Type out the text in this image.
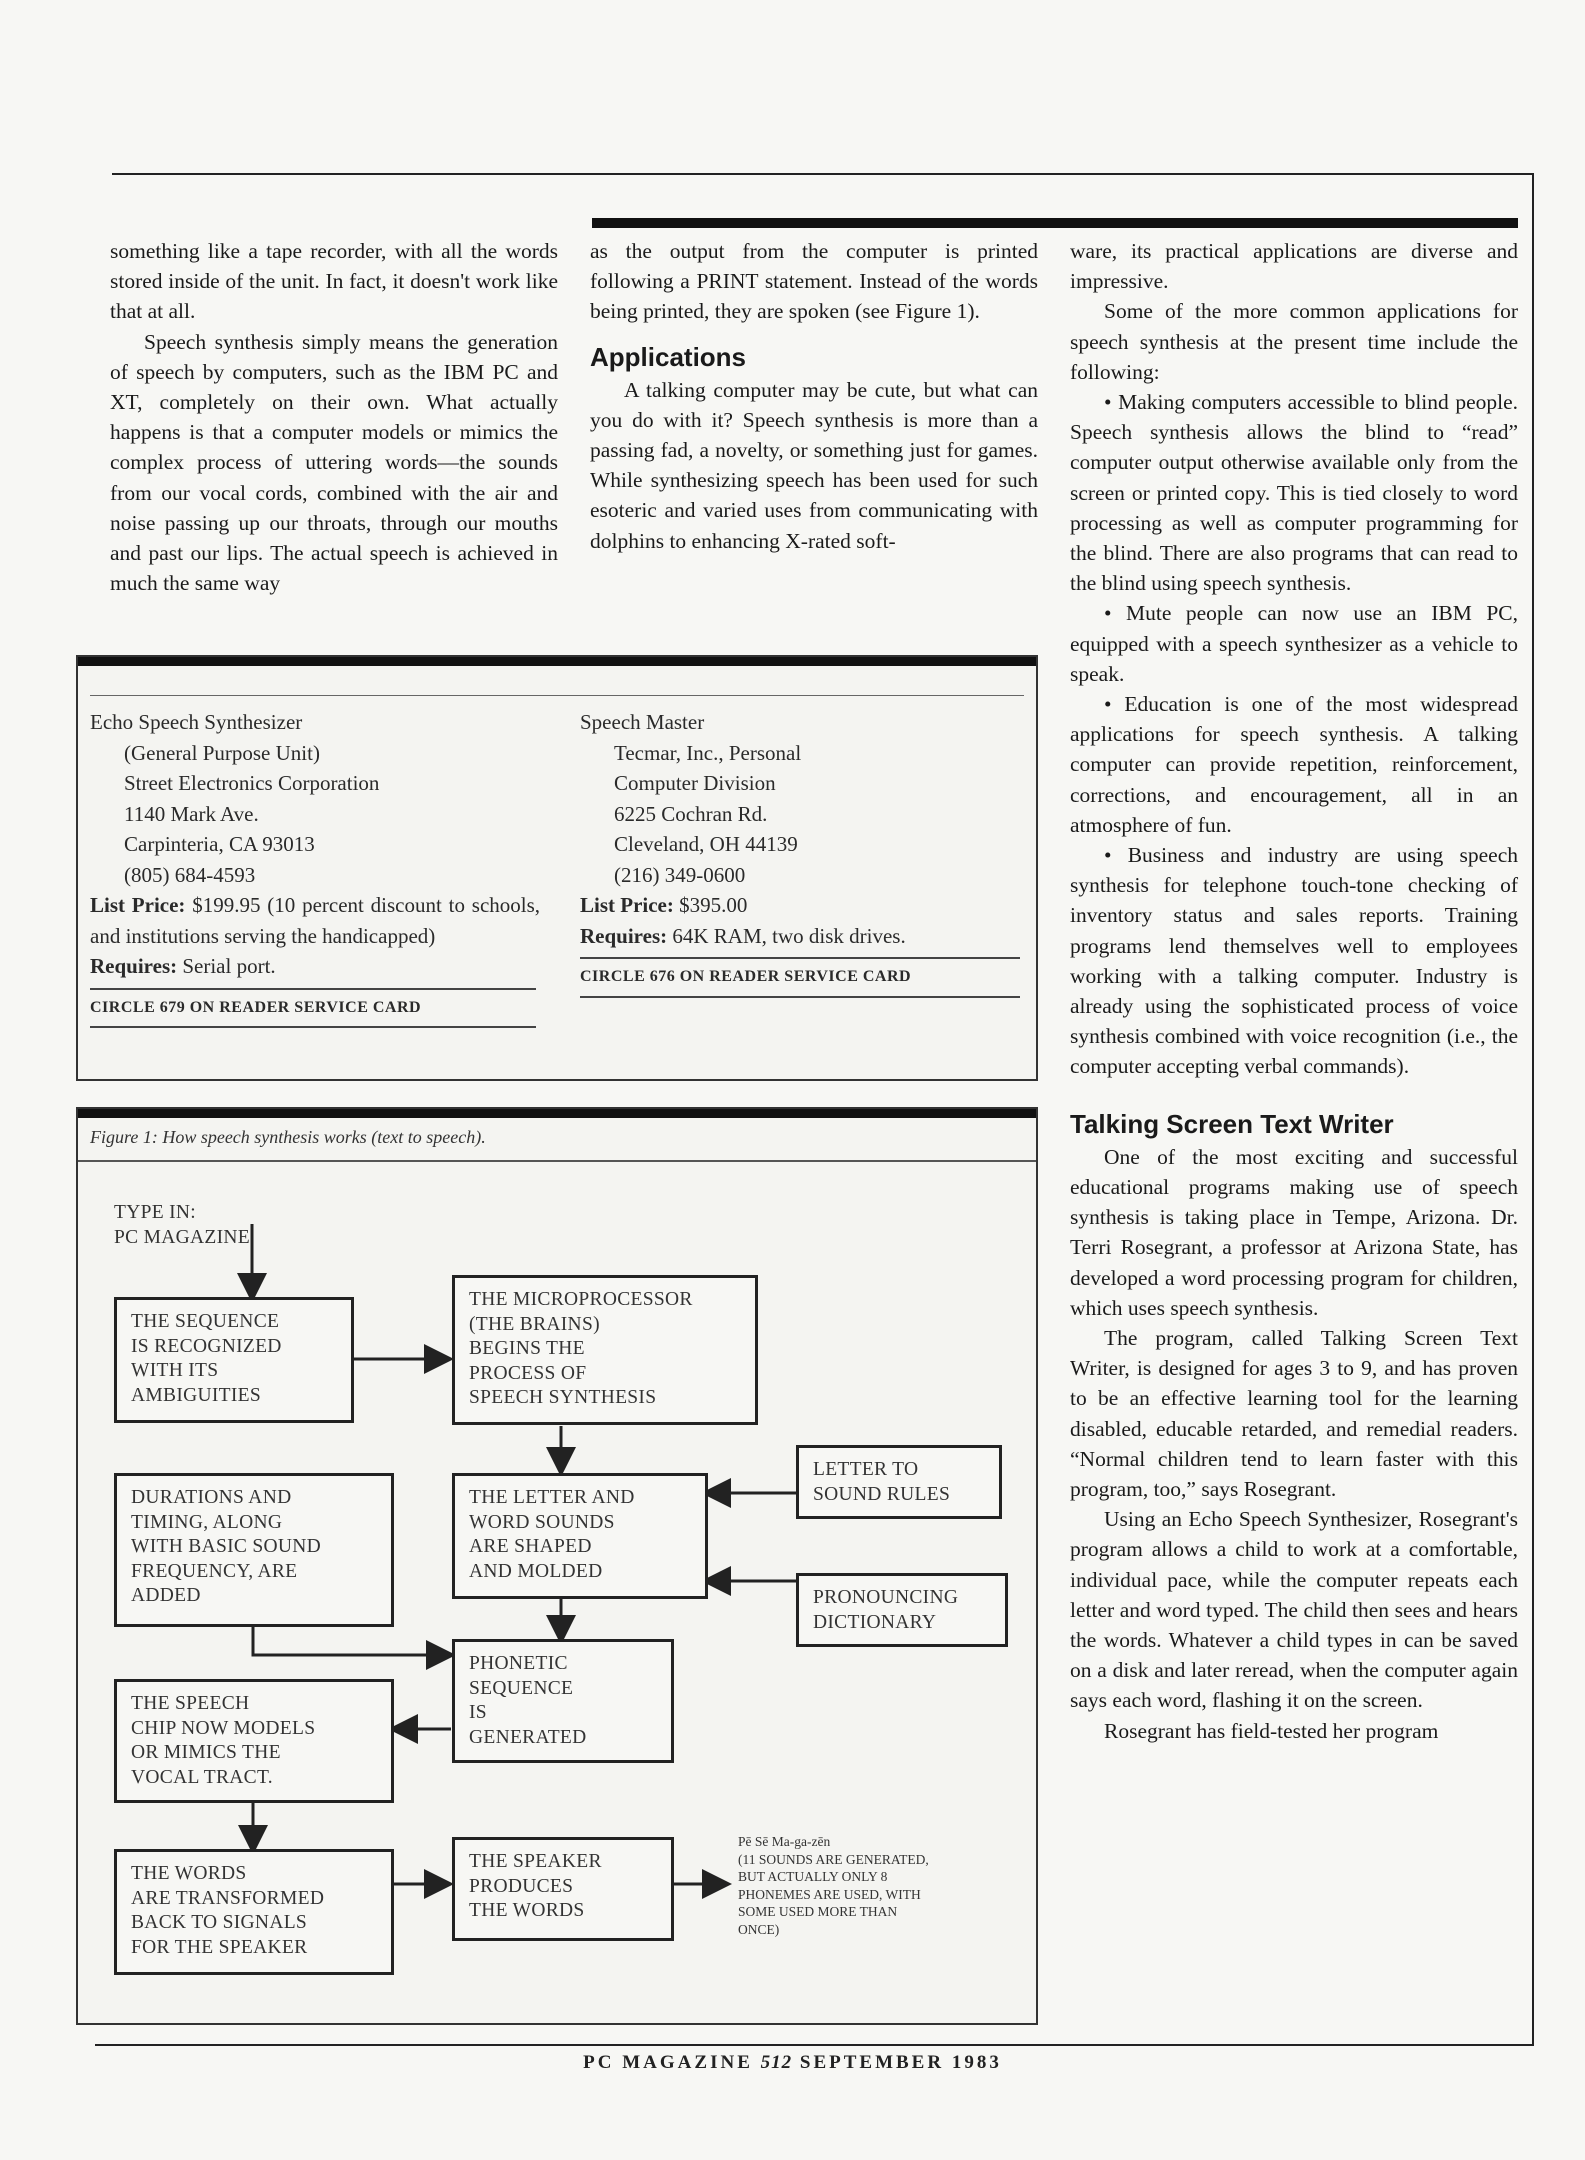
something like a tape recorder, with all the words stored inside of the unit. In fact, it doesn't work like that at all.

Speech synthesis simply means the generation of speech by computers, such as the IBM PC and XT, completely on their own. What actually happens is that a computer models or mimics the complex process of uttering words—the sounds from our vocal cords, combined with the air and noise passing up our throats, through our mouths and past our lips. The actual speech is achieved in much the same way

as the output from the computer is printed following a PRINT statement. Instead of the words being printed, they are spoken (see Figure 1).

Applications

A talking computer may be cute, but what can you do with it? Speech synthesis is more than a passing fad, a novelty, or something just for games. While synthesizing speech has been used for such esoteric and varied uses from communicating with dolphins to enhancing X-rated soft-

ware, its practical applications are diverse and impressive.

Some of the more common applications for speech synthesis at the present time include the following:

• Making computers accessible to blind people. Speech synthesis allows the blind to “read” computer output otherwise available only from the screen or printed copy. This is tied closely to word processing as well as computer programming for the blind. There are also programs that can read to the blind using speech synthesis.

• Mute people can now use an IBM PC, equipped with a speech synthesizer as a vehicle to speak.

• Education is one of the most widespread applications for speech synthesis. A talking computer can provide repetition, reinforcement, corrections, and encouragement, all in an atmosphere of fun.

• Business and industry are using speech synthesis for telephone touch-tone checking of inventory status and sales reports. Training programs lend themselves well to employees working with a talking computer. Industry is already using the sophisticated process of voice synthesis combined with voice recognition (i.e., the computer accepting verbal commands).

Talking Screen Text Writer

One of the most exciting and successful educational programs making use of speech synthesis is taking place in Tempe, Arizona. Dr. Terri Rosegrant, a professor at Arizona State, has developed a word processing program for children, which uses speech synthesis.

The program, called Talking Screen Text Writer, is designed for ages 3 to 9, and has proven to be an effective learning tool for the learning disabled, educable retarded, and remedial readers. “Normal children tend to learn faster with this program, too,” says Rosegrant.

Using an Echo Speech Synthesizer, Rosegrant's program allows a child to work at a comfortable, individual pace, while the computer repeats each letter and word typed. The child then sees and hears the words. Whatever a child types in can be saved on a disk and later reread, when the computer again says each word, flashing it on the screen.

Rosegrant has field-tested her program

Echo Speech Synthesizer
(General Purpose Unit)
Street Electronics Corporation
1140 Mark Ave.
Carpinteria, CA 93013
(805) 684-4593
List Price: $199.95 (10 percent discount to schools, and institutions serving the handicapped)
Requires: Serial port.
CIRCLE 679 ON READER SERVICE CARD
Speech Master
Tecmar, Inc., Personal
Computer Division
6225 Cochran Rd.
Cleveland, OH 44139
(216) 349-0600
List Price: $395.00
Requires: 64K RAM, two disk drives.
CIRCLE 676 ON READER SERVICE CARD
Figure 1: How speech synthesis works (text to speech).
TYPE IN:
PC MAGAZINE
THE SEQUENCE
IS RECOGNIZED
WITH ITS
AMBIGUITIES
THE MICROPROCESSOR
(THE BRAINS)
BEGINS THE
PROCESS OF
SPEECH SYNTHESIS
LETTER TO
SOUND RULES
DURATIONS AND
TIMING, ALONG
WITH BASIC SOUND
FREQUENCY, ARE
ADDED
THE LETTER AND
WORD SOUNDS
ARE SHAPED
AND MOLDED
PRONOUNCING
DICTIONARY
PHONETIC
SEQUENCE
IS
GENERATED
THE SPEECH
CHIP NOW MODELS
OR MIMICS THE
VOCAL TRACT.
THE WORDS
ARE TRANSFORMED
BACK TO SIGNALS
FOR THE SPEAKER
THE SPEAKER
PRODUCES
THE WORDS
Pē Sē Ma-ga-zēn
(11 SOUNDS ARE GENERATED,
BUT ACTUALLY ONLY 8
PHONEMES ARE USED, WITH
SOME USED MORE THAN
ONCE)
PC MAGAZINE 512 SEPTEMBER 1983
